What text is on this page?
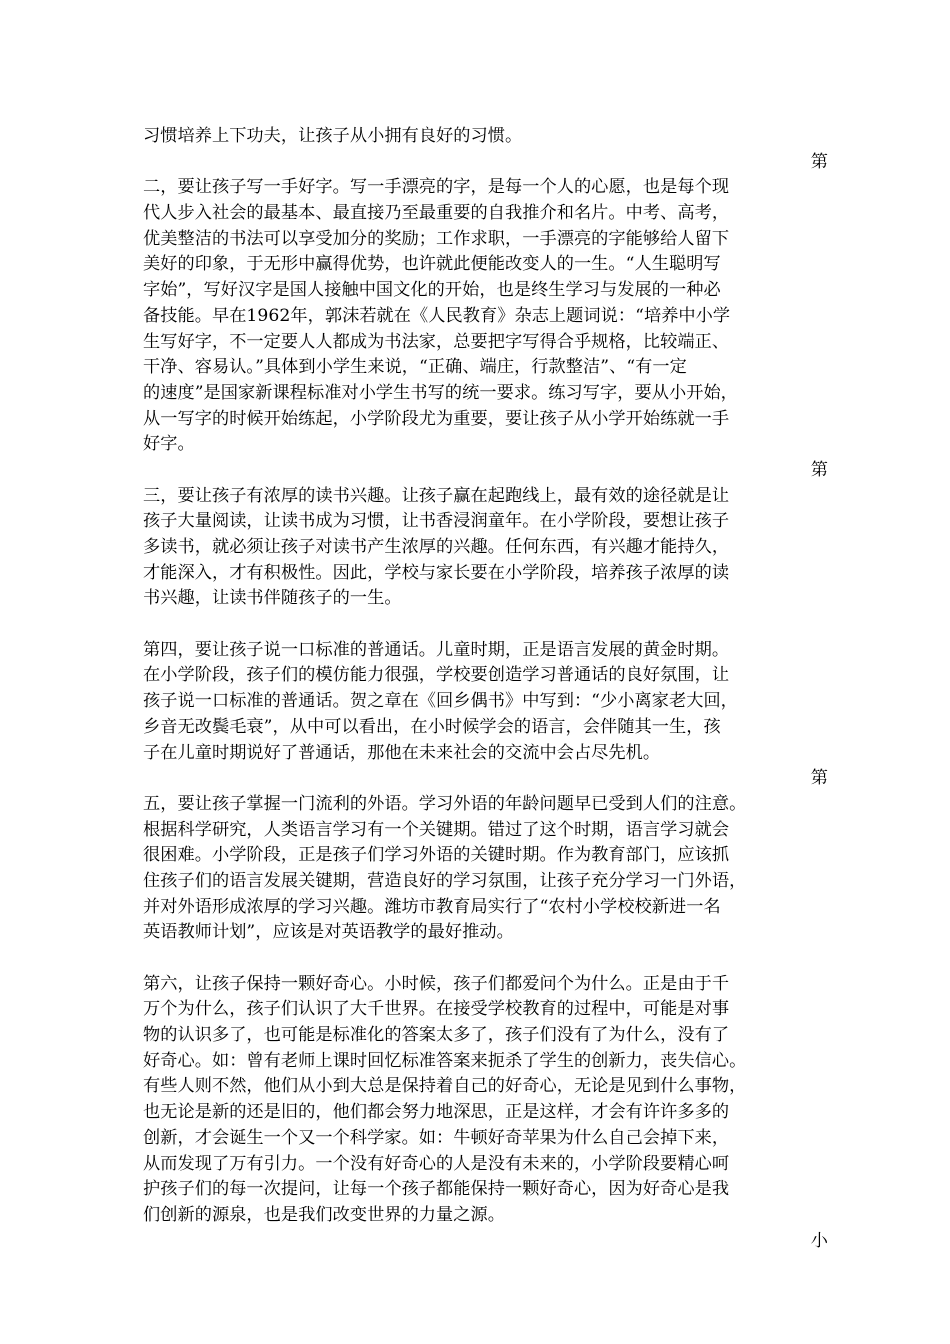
习惯培养上下功夫，让孩子从小拥有良好的习惯。
第
二，要让孩子写一手好字。写一手漂亮的字，是每一个人的心愿，也是每个现
代人步入社会的最基本、最直接乃至最重要的自我推介和名片。中考、高考，
优美整洁的书法可以享受加分的奖励；工作求职，一手漂亮的字能够给人留下
美好的印象，于无形中赢得优势，也许就此便能改变人的一生。“人生聪明写
字始”，写好汉字是国人接触中国文化的开始，也是终生学习与发展的一种必
备技能。早在1962年，郭沫若就在《人民教育》杂志上题词说：“培养中小学
生写好字，不一定要人人都成为书法家，总要把字写得合乎规格，比较端正、
干净、容易认。”具体到小学生来说，“正确、端庄，行款整洁”、“有一定
的速度”是国家新课程标准对小学生书写的统一要求。练习写字，要从小开始，
从一写字的时候开始练起，小学阶段尤为重要，要让孩子从小学开始练就一手
好字。
第
三，要让孩子有浓厚的读书兴趣。让孩子赢在起跑线上，最有效的途径就是让
孩子大量阅读，让读书成为习惯，让书香浸润童年。在小学阶段，要想让孩子
多读书，就必须让孩子对读书产生浓厚的兴趣。任何东西，有兴趣才能持久，
才能深入，才有积极性。因此，学校与家长要在小学阶段，培养孩子浓厚的读
书兴趣，让读书伴随孩子的一生。
第四，要让孩子说一口标准的普通话。儿童时期，正是语言发展的黄金时期。
在小学阶段，孩子们的模仿能力很强，学校要创造学习普通话的良好氛围，让
孩子说一口标准的普通话。贺之章在《回乡偶书》中写到：“少小离家老大回，
乡音无改鬓毛衰”，从中可以看出，在小时候学会的语言，会伴随其一生，孩
子在儿童时期说好了普通话，那他在未来社会的交流中会占尽先机。
第
五，要让孩子掌握一门流利的外语。学习外语的年龄问题早已受到人们的注意。
根据科学研究，人类语言学习有一个关键期。错过了这个时期，语言学习就会
很困难。小学阶段，正是孩子们学习外语的关键时期。作为教育部门，应该抓
住孩子们的语言发展关键期，营造良好的学习氛围，让孩子充分学习一门外语，
并对外语形成浓厚的学习兴趣。潍坊市教育局实行了“农村小学校校新进一名
英语教师计划”，应该是对英语教学的最好推动。
第六，让孩子保持一颗好奇心。小时候，孩子们都爱问个为什么。正是由于千
万个为什么，孩子们认识了大千世界。在接受学校教育的过程中，可能是对事
物的认识多了，也可能是标准化的答案太多了，孩子们没有了为什么，没有了
好奇心。如：曾有老师上课时回忆标准答案来扼杀了学生的创新力，丧失信心。
有些人则不然，他们从小到大总是保持着自己的好奇心，无论是见到什么事物，
也无论是新的还是旧的，他们都会努力地深思，正是这样，才会有许许多多的
创新，才会诞生一个又一个科学家。如：牛顿好奇苹果为什么自己会掉下来，
从而发现了万有引力。一个没有好奇心的人是没有未来的，小学阶段要精心呵
护孩子们的每一次提问，让每一个孩子都能保持一颗好奇心，因为好奇心是我
们创新的源泉，也是我们改变世界的力量之源。
小
